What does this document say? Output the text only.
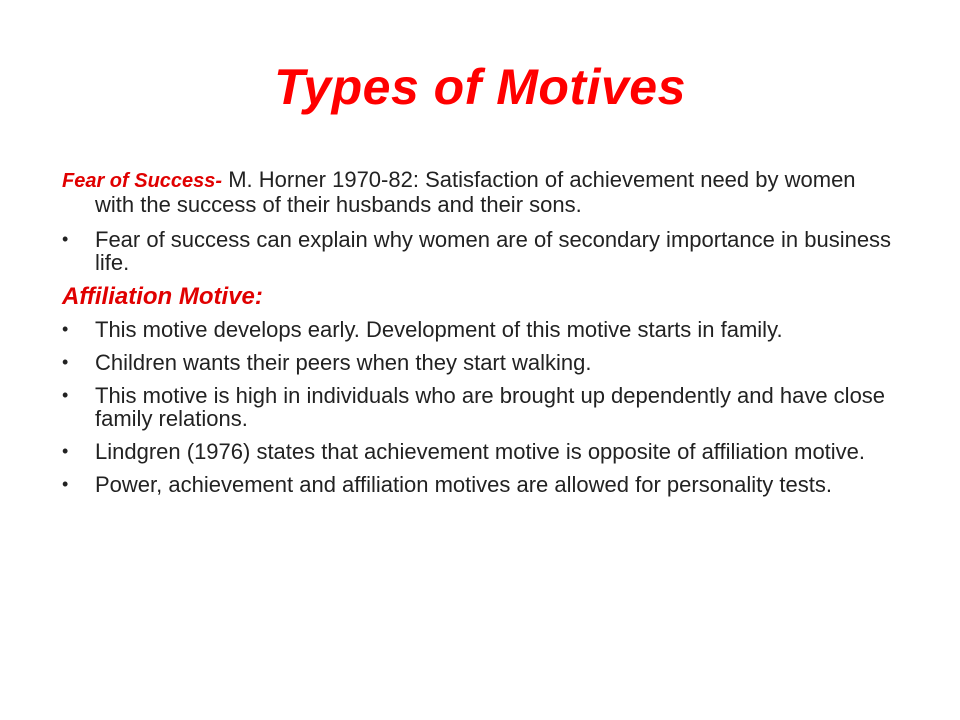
Types of Motives

Fear of Success- M. Horner 1970-82: Satisfaction of achievement need by women with the success of their husbands and their sons.

• Fear of success can explain why women are of secondary importance in business life.
Affiliation Motive:
• This motive develops early. Development of this motive starts in family.
• Children wants their peers when they start walking.
• This motive is high in individuals who are brought up dependently and have close family relations.
• Lindgren (1976) states that achievement motive is opposite of affiliation motive.
• Power, achievement and affiliation motives are allowed for personality tests.
